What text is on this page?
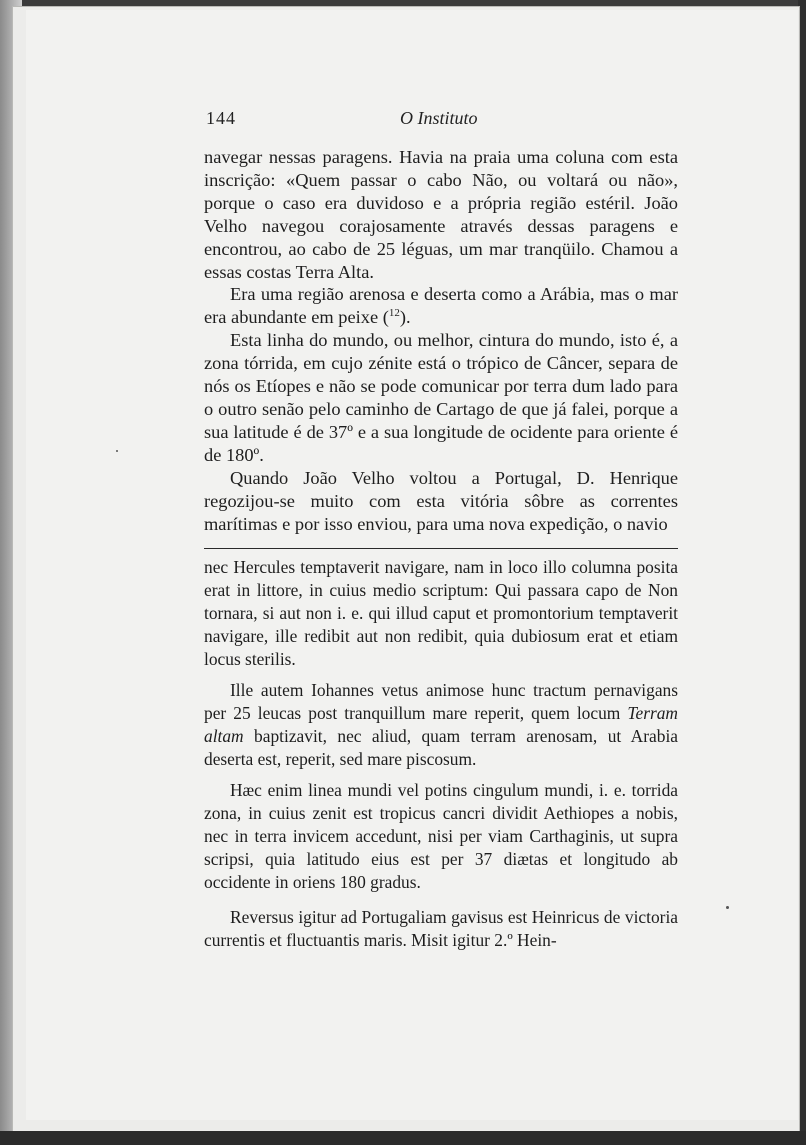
144	O Instituto

navegar nessas paragens. Havia na praia uma coluna com esta inscrição: «Quem passar o cabo Não, ou voltará ou não», porque o caso era duvidoso e a própria região estéril. João Velho navegou corajosamente através dessas paragens e encontrou, ao cabo de 25 léguas, um mar tranqüilo. Chamou a essas costas Terra Alta.

Era uma região arenosa e deserta como a Arábia, mas o mar era abundante em peixe ($^{12}$).

Esta linha do mundo, ou melhor, cintura do mundo, isto é, a zona tórrida, em cujo zénite está o trópico de Câncer, separa de nós os Etíopes e não se pode comunicar por terra dum lado para o outro senão pelo caminho de Cartago de que já falei, porque a sua latitude é de 37º e a sua longitude de ocidente para oriente é de 180º.

Quando João Velho voltou a Portugal, D. Henrique regozijou-se muito com esta vitória sôbre as correntes marítimas e por isso enviou, para uma nova expedição, o navio

nec Hercules temptaverit navigare, nam in loco illo columna posita erat in littore, in cuius medio scriptum: Qui passara capo de Non tornara, si aut non i. e. qui illud caput et promontorium temptaverit navigare, ille redibit aut non redibit, quia dubiosum erat et etiam locus sterilis.

Ille autem Iohannes vetus animose hunc tractum pernavigans per 25 leucas post tranquillum mare reperit, quem locum Terram altam baptizavit, nec aliud, quam terram arenosam, ut Arabia deserta est, reperit, sed mare piscosum.

Hæc enim linea mundi vel potins cingulum mundi, i. e. torrida zona, in cuius zenit est tropicus cancri dividit Aethiopes a nobis, nec in terra invicem accedunt, nisi per viam Carthaginis, ut supra scripsi, quia latitudo eius est per 37 diætas et longitudo ab occidente in oriens 180 gradus.

Reversus igitur ad Portugaliam gavisus est Heinricus de victoria currentis et fluctuantis maris. Misit igitur 2.º Hein-
